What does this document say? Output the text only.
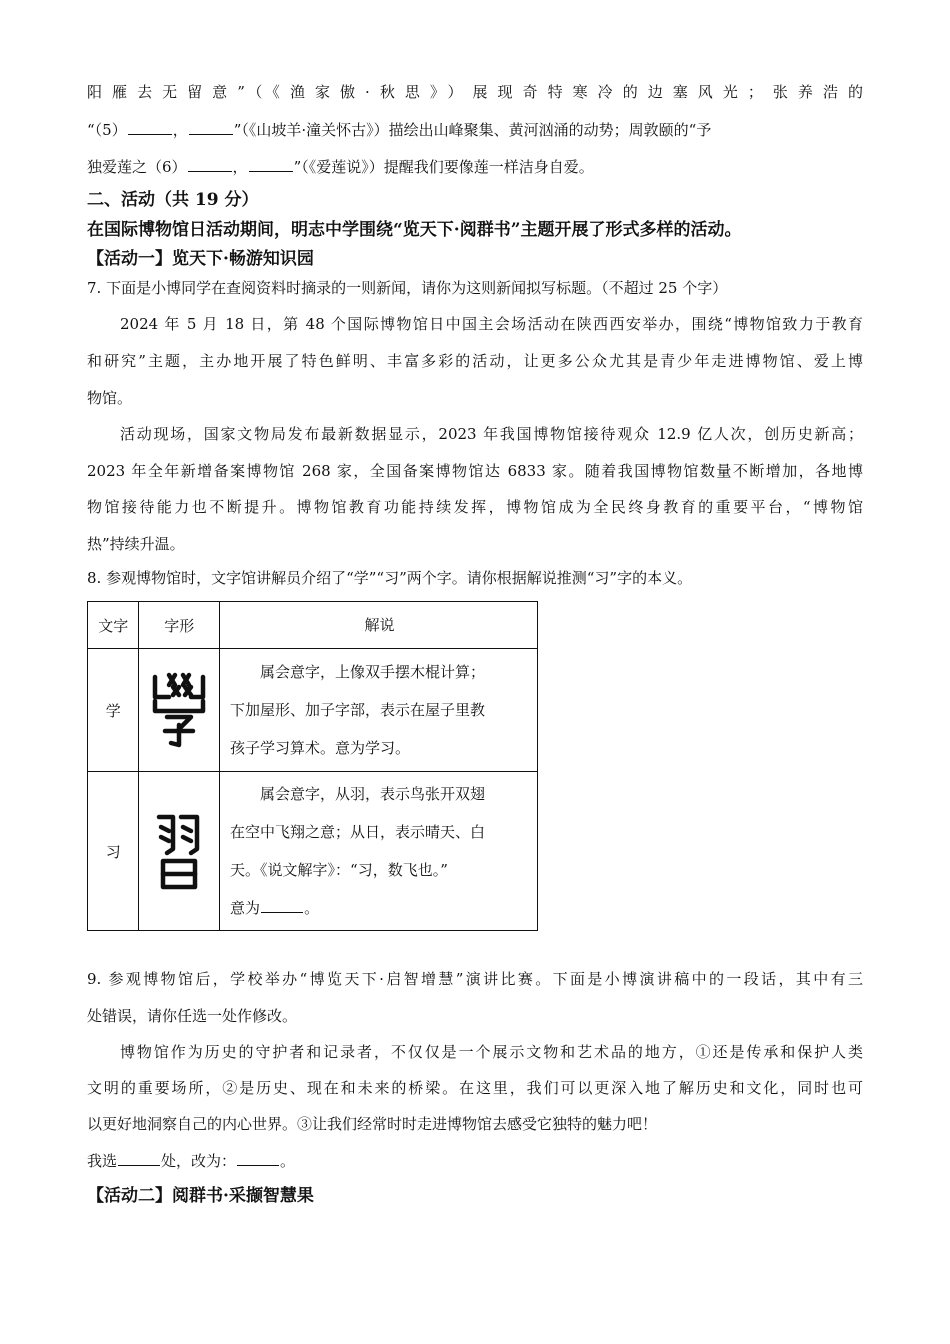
阳雁去无留意”（《渔家傲·秋思》）展现奇特寒冷的边塞风光；张养浩的
“（5）	，	”（《山坡羊·潼关怀古》）描绘出山峰聚集、黄河汹涌的动势；周敦颐的“予
独爱莲之（6）	，	”（《爱莲说》）提醒我们要像莲一样洁身自爱。
二、活动（共 19 分）
在国际博物馆日活动期间，明志中学围绕“览天下·阅群书”主题开展了形式多样的活动。
【活动一】览天下·畅游知识园
7. 下面是小博同学在查阅资料时摘录的一则新闻，请你为这则新闻拟写标题。（不超过 25 个字）
2024 年 5 月 18 日，第 48 个国际博物馆日中国主会场活动在陕西西安举办，围绕“博物馆致力于教育
和研究”主题，主办地开展了特色鲜明、丰富多彩的活动，让更多公众尤其是青少年走进博物馆、爱上博
物馆。
活动现场，国家文物局发布最新数据显示，2023 年我国博物馆接待观众 12.9 亿人次，创历史新高；
2023 年全年新增备案博物馆 268 家，全国备案博物馆达 6833 家。随着我国博物馆数量不断增加，各地博
物馆接待能力也不断提升。博物馆教育功能持续发挥，博物馆成为全民终身教育的重要平台，“博物馆
热”持续升温。
8. 参观博物馆时，文字馆讲解员介绍了“学”“习”两个字。请你根据解说推测“习”字的本义。
文字	字形	解说
学		属会意字，上像双手摆木棍计算；
下加屋形、加子字部，表示在屋子里教
孩子学习算术。意为学习。

习		属会意字，从羽，表示鸟张开双翅
在空中飞翔之意；从日，表示晴天、白
天。《说文解字》：“习，数飞也。”
意为 。
9. 参观博物馆后，学校举办“博览天下·启智增慧”演讲比赛。下面是小博演讲稿中的一段话，其中有三
处错误，请你任选一处作修改。
博物馆作为历史的守护者和记录者，不仅仅是一个展示文物和艺术品的地方，①还是传承和保护人类
文明的重要场所，②是历史、现在和未来的桥梁。在这里，我们可以更深入地了解历史和文化，同时也可
以更好地洞察自己的内心世界。③让我们经常时时走进博物馆去感受它独特的魅力吧！
我选	处，改为：	。
【活动二】阅群书·采撷智慧果
